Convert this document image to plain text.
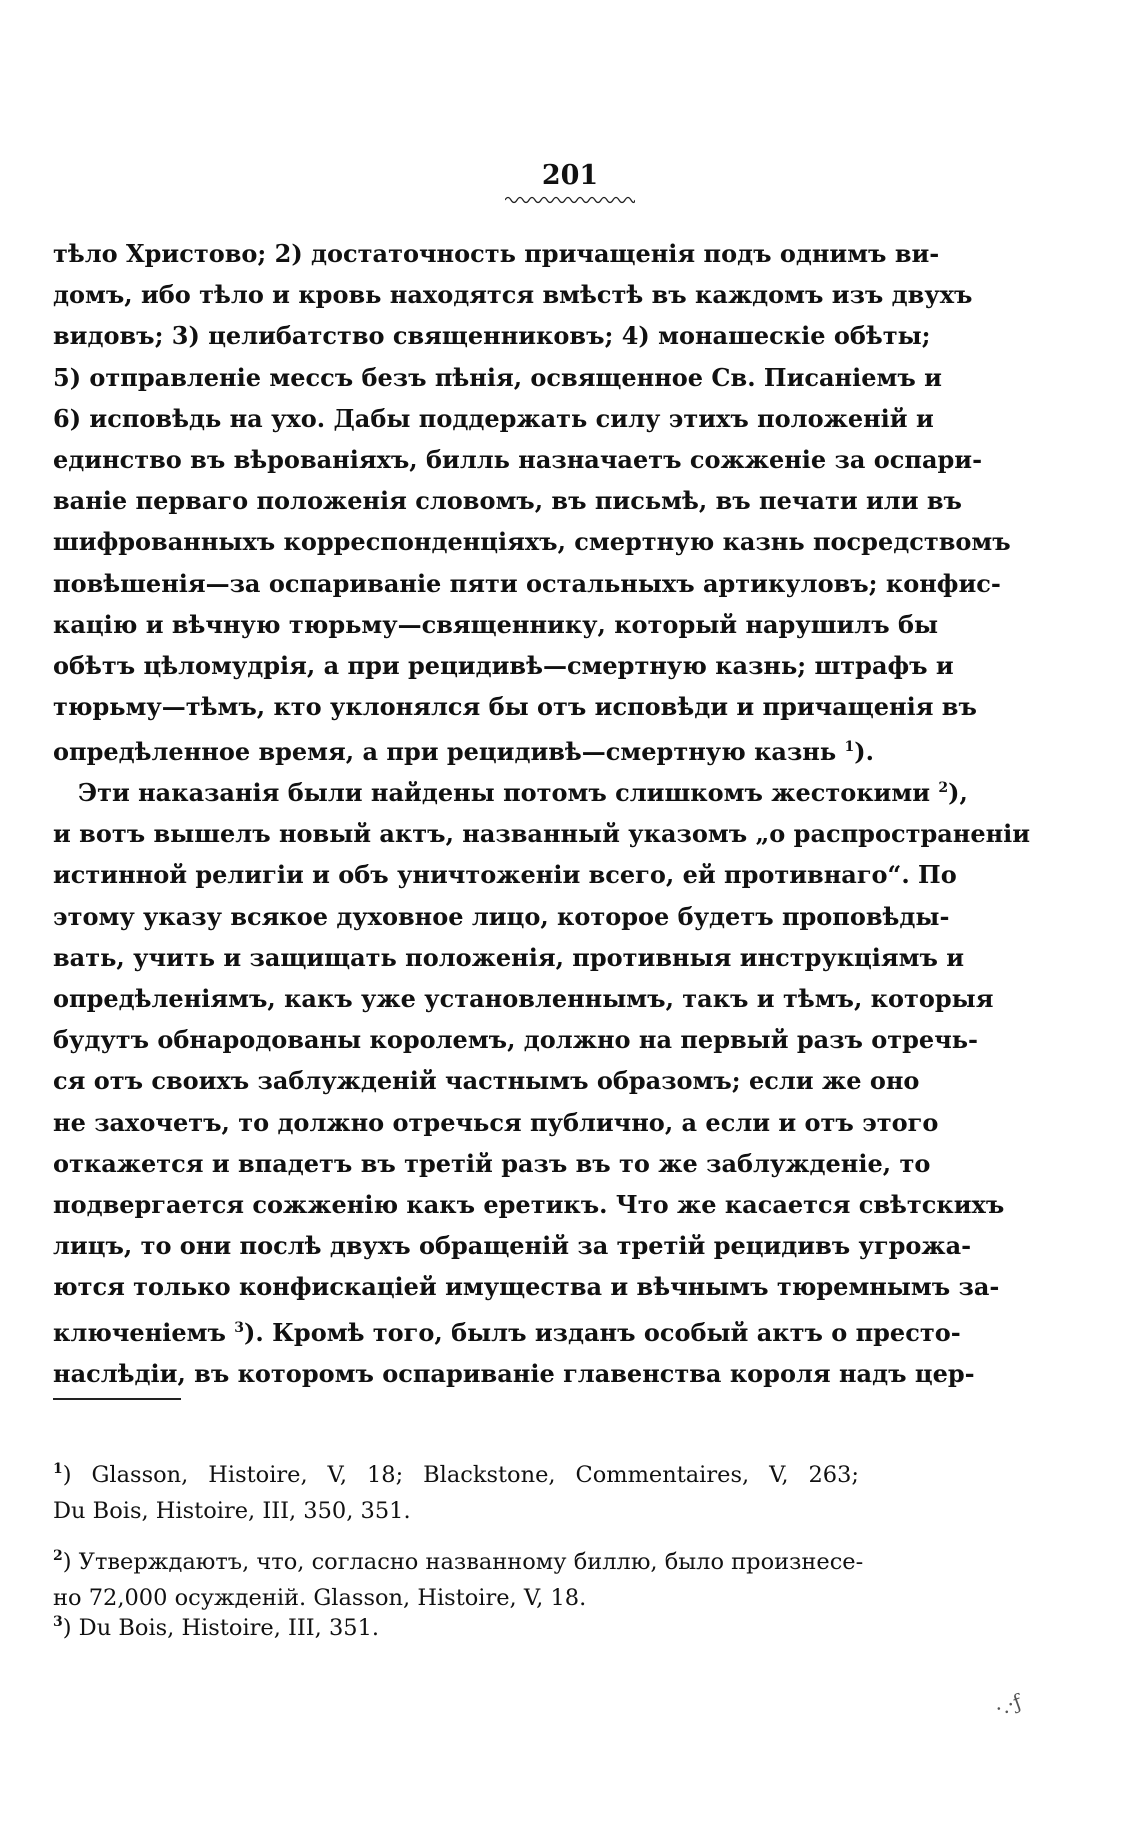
201
тѣло Христово; 2) достаточность причащенія подъ однимъ ви-
домъ, ибо тѣло и кровь находятся вмѣстѣ въ каждомъ изъ двухъ
видовъ; 3) целибатство священниковъ; 4) монашескіе обѣты;
5) отправленіе мессъ безъ пѣнія, освященное Св. Писаніемъ и
6) исповѣдь на ухо. Дабы поддержать силу этихъ положеній и
единство въ вѣрованіяхъ, билль назначаетъ сожженіе за оспари-
ваніе перваго положенія словомъ, въ письмѣ, въ печати или въ
шифрованныхъ корреспонденціяхъ, смертную казнь посредствомъ
повѣшенія—за оспариваніе пяти остальныхъ артикуловъ; конфис-
кацію и вѣчную тюрьму—священнику, который нарушилъ бы
обѣтъ цѣломудрія, а при рецидивѣ—смертную казнь; штрафъ и
тюрьму—тѣмъ, кто уклонялся бы отъ исповѣди и причащенія въ
опредѣленное время, а при рецидивѣ—смертную казнь $^1$).
Эти наказанія были найдены потомъ слишкомъ жестокими $^2$),
и вотъ вышелъ новый актъ, названный указомъ „о распространеніи
истинной религіи и объ уничтоженіи всего, ей противнаго“. По
этому указу всякое духовное лицо, которое будетъ проповѣды-
вать, учить и защищать положенія, противныя инструкціямъ и
опредѣленіямъ, какъ уже установленнымъ, такъ и тѣмъ, которыя
будутъ обнародованы королемъ, должно на первый разъ отречь-
ся отъ своихъ заблужденій частнымъ образомъ; если же оно
не захочетъ, то должно отречься публично, а если и отъ этого
откажется и впадетъ въ третій разъ въ то же заблужденіе, то
подвергается сожженію какъ еретикъ. Что же касается свѣтскихъ
лицъ, то они послѣ двухъ обращеній за третій рецидивъ угрожа-
ются только конфискаціей имущества и вѣчнымъ тюремнымъ за-
ключеніемъ $^3$). Кромѣ того, былъ изданъ особый актъ о престо-
наслѣдіи, въ которомъ оспариваніе главенства короля надъ цер-
$^1$) Glasson, Histoire, V, 18; Blackstone, Commentaires, V, 263;
Du Bois, Histoire, III, 350, 351.
$^2$) Утверждаютъ, что, согласно названному биллю, было произнесе-
но 72,000 осужденій. Glasson, Histoire, V, 18.
$^3$) Du Bois, Histoire, III, 351.
·.·ƒ
